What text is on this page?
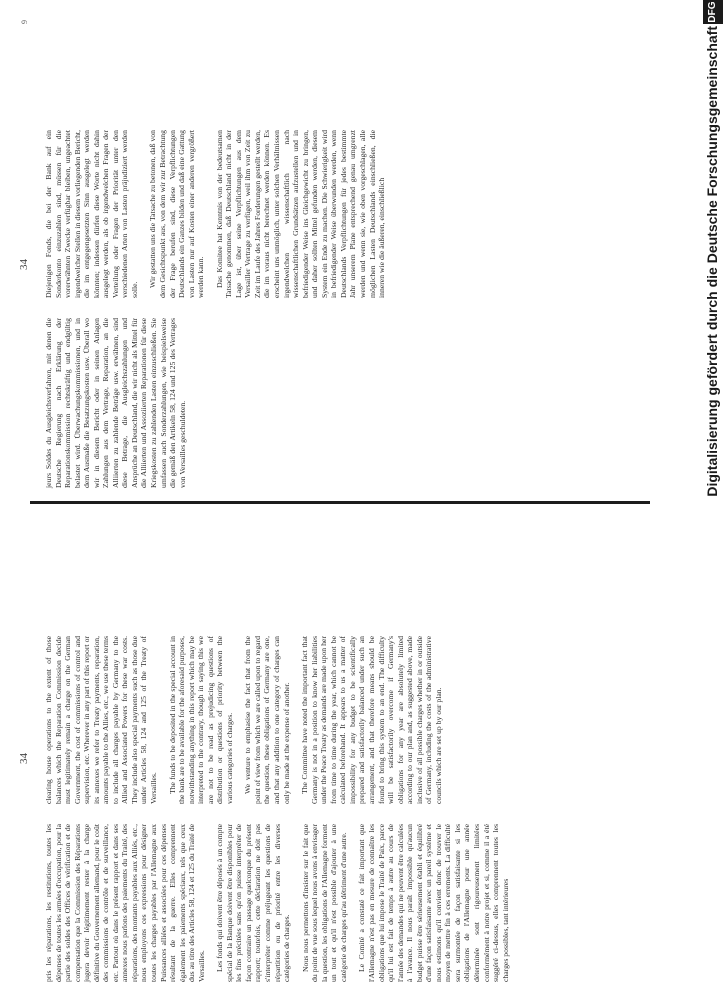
34

pris les réparations, les restitutions, toutes les dépenses de toutes les armées d'occupation, pour la partie des soldes des Offices de vérification et de compensation que la Commission des Réparations jugera devoir légitimement rester à la charge définitive du Gouvernement allemand, pour le coût des commissions de contrôle et de surveillance, etc. Partout où dans le présent rapport et dans ses annexes nous parlons des paiements du Traité, des réparations, des montants payables aux Alliés, etc., nous employons ces expressions pour désigner toutes les charges payables par l'Allemagne aux Puissances alliées et associées pour ces dépenses résultant de la guerre. Elles comprennent également les paiements spéciaux, tels que ceux dus au titre des Articles 58, 124 et 125 du Traité de Versailles. Les fonds qui doivent être déposés à un compte spécial de la Banque doivent être disponibles pour les fins précitées sans qu'on puisse interpréter de façon contraire un passage quelconque du présent rapport; toutefois, cette déclaration ne doit pas s'interpréter comme préjugeant les questions de répartition ou de priorité entre les diverses catégories de charges. Nous nous permettons d'insister sur le fait que du point de vue sous lequel nous avons à envisager la question, les obligations de l'Allemagne forment un tout et qu'il n'est possible d'ajouter à une catégorie de charges qu'au détriment d'une autre. Le Comité a constaté ce fait important que l'Allemagne n'est pas en mesure de connaître les obligations que lui impose le Traité de Paix, parce qu'il lui est fait de temps à autre au cours de l'année des demandes qui ne peuvent être calculées à l'avance. Il nous paraît impossible qu'aucun budget puisse être sérieusement établi et équilibré d'une façon satisfaisante avec un pareil système et nous estimons qu'il convient donc de trouver le moyen de mettre fin à ces errements. La difficulté sera surmontée de façon satisfaisante si les obligations de l'Allemagne pour une année déterminée sont rigoureusement limitées conformément à notre projet et si, comme il a été suggéré ci-dessus, elles comprennent toutes les charges possibles, tant intérieures

clearing house operations to the extent of those balances which the Reparation Commission decide must legitimately remain a charge on the German Government, the cost of commissions of control and supervision, etc. Wherever in any part of this report or its annexes we refer to Treaty payments, reparation, amounts payable to the Allies, etc., we use these terms to include all charges payable by Germany to the Allied and Associated Powers for these war costs. They include also special payments such as those due under Articles 58, 124 and 125 of the Treaty of Versailles. The funds to be deposited in the special account in the bank are to be available for the aforesaid purposes, notwithstanding anything in this report which may be interpreted to the contrary, though in saying this we are not to be read as prejudicing questions of distribution or questions of priority between the various categories of charges. We venture to emphasise the fact that from the point of view from which we are called upon to regard the question, these obligations of Germany are one, and that any addition to one category of charges can only be made at the expense of another. The Committee have noted the important fact that Germany is not in a position to know her liabilities under the Peace Treaty as demands are made upon her from time to time during the year, which cannot be calculated beforehand. It appears to us a matter of impossibility for any budget to be scientifically prepared and satisfactorily balanced under such an arrangement, and that therefore means should be found to bring this system to an end. The difficulty will be satisfactorily overcome if Germany's obligations for any year are absolutely limited according to our plan and, as suggested above, made inclusive of all possible charges whether in or outside of Germany, including the costs of the administrative councils which are set up by our plan.

34
9

jeurs Soldes du Ausgleichsverfahren, mit denen die Deutsche Regierung nach Erklärung der Reparationskommission rechtskräftig und endgültig belastet wird. Überwachungskommissionen, und in dem Ausmaße die Besatzungskosten usw. Überall wo wir in diesem Bericht oder in seinen Anlagen Zahlungen aus dem Vertrage, Reparation, an die Alliierten zu zahlende Beträge usw. erwähnen, sind diese Betrage, die Ausgleichszahlungen und Ansprüche an Deutschland, die wir nicht als Mittel für die Alliierten und Assoziierten Reparationen für diese Kriegskosten zu zahlenden Lasten einzuschließen. Sie umfassen auch Sonderzahlungen, wie beispielsweise die gemäß den Artikeln 58, 124 und 125 des Vertrages von Versailles geschuldeten.

Diejenigen Fonds, die bei der Bank auf ein Sonderkonto einzuzahlen sind, müssen für die vorerwähnten Zwecke verfügbar bleiben, ungeachtet irgendwelcher Stellen in diesem vorliegenden Bericht, die im entgegengesetzten Sinn ausgelegt werden könnten; indessen dürfen diese Worte nicht dahin ausgelegt werden, als ob irgendwelchen Fragen der Verteilung oder Fragen der Priorität unter den verschiedenen Arten von Lasten präjudiziert werden solle.

Wir gestatten uns die Tatsache zu betonen, daß von dem Gesichtspunkt aus, von dem wir zur Betrachtung der Frage berufen sind, diese Verpflichtungen Deutschlands ein Ganzes bilden und daß eine Gattung von Lasten nur auf Kosten einer anderen vergrößert werden kann. Das Komitee hat Kenntnis von der bedeutsamen Tatsache genommen, daß Deutschland nicht in der Lage ist, über seine Verpflichtungen aus dem Versailler Vertrage zu verfügen, weil ihm von Zeit zu Zeit im Laufe des Jahres Forderungen gestellt werden, die im voraus nicht berechnet werden können. Es erscheint uns unmöglich, unter solchen Verhältnissen irgendwelchen wissenschaftlich nach wissenschaftlichen Grundsätzen aufzustellen und in befriedigender Weise ins Gleichgewicht zu bringen, und daher sollten Mittel gefunden werden, diesem System ein Ende zu machen. Die Schwierigkeit wird in befriedigender Weise überwunden werden, wenn Deutschlands Verpflichtungen für jedes bestimmte Jahr unserem Plane entsprechend genau umgrenzt werden und wenn sie, wie oben vorgeschlagen, alle möglichen Lasten Deutschlands einschließen, die inneren wie die äußeren, einschließlich	Digitalisierung gefördert durch die Deutsche Forschungsgemeinschaft
DFG
